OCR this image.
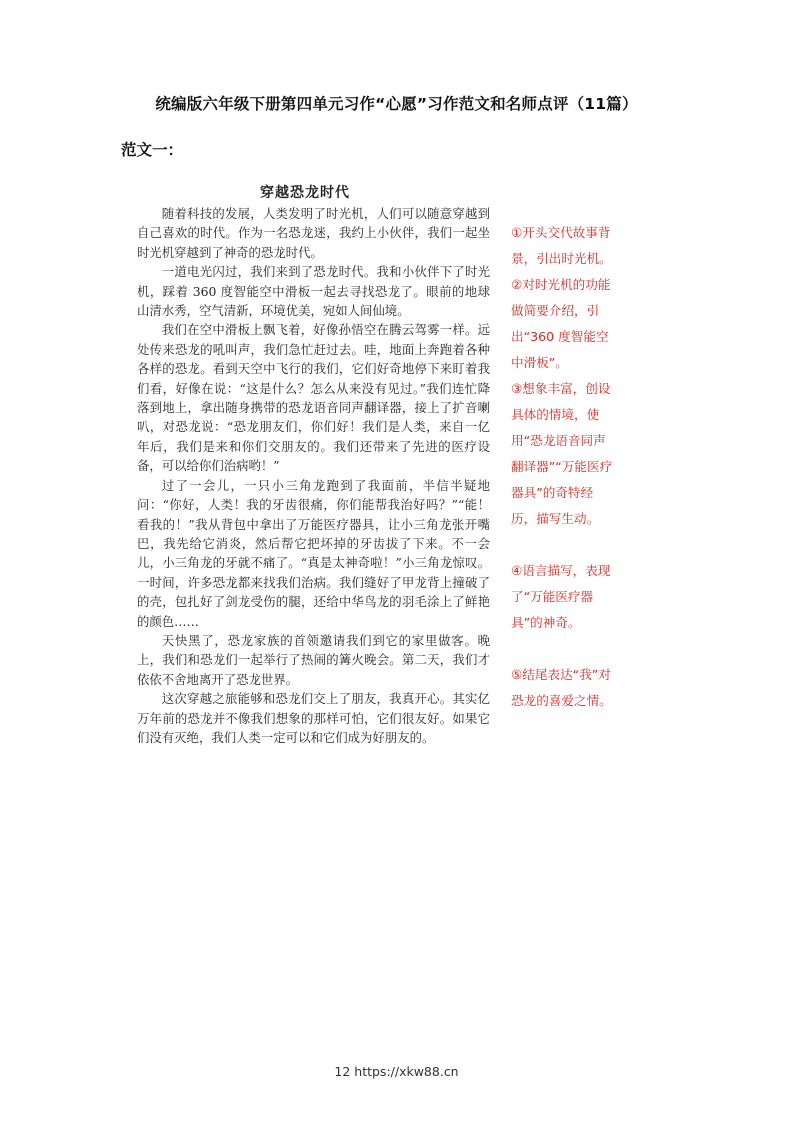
统编版六年级下册第四单元习作“心愿”习作范文和名师点评（11篇）
范文一：
穿越恐龙时代

随着科技的发展，人类发明了时光机，人们可以随意穿越到自己喜欢的时代。作为一名恐龙迷，我约上小伙伴，我们一起坐时光机穿越到了神奇的恐龙时代。

一道电光闪过，我们来到了恐龙时代。我和小伙伴下了时光机，踩着 360 度智能空中滑板一起去寻找恐龙了。眼前的地球山清水秀，空气清新，环境优美，宛如人间仙境。

我们在空中滑板上飘飞着，好像孙悟空在腾云驾雾一样。远处传来恐龙的吼叫声，我们急忙赶过去。哇，地面上奔跑着各种各样的恐龙。看到天空中飞行的我们，它们好奇地停下来盯着我们看，好像在说：“这是什么？怎么从来没有见过。”我们连忙降落到地上，拿出随身携带的恐龙语音同声翻译器，接上了扩音喇叭，对恐龙说：“恐龙朋友们，你们好！我们是人类，来自一亿年后，我们是来和你们交朋友的。我们还带来了先进的医疗设备，可以给你们治病哟！”

过了一会儿，一只小三角龙跑到了我面前，半信半疑地问：“你好，人类！我的牙齿很痛，你们能帮我治好吗？”“能！看我的！”我从背包中拿出了万能医疗器具，让小三角龙张开嘴巴，我先给它消炎，然后帮它把坏掉的牙齿拔了下来。不一会儿，小三角龙的牙就不痛了。“真是太神奇啦！”小三角龙惊叹。一时间，许多恐龙都来找我们治病。我们缝好了甲龙背上撞破了的壳，包扎好了剑龙受伤的腿，还给中华鸟龙的羽毛涂上了鲜艳的颜色……

天快黑了，恐龙家族的首领邀请我们到它的家里做客。晚上，我们和恐龙们一起举行了热闹的篝火晚会。第二天，我们才依依不舍地离开了恐龙世界。

这次穿越之旅能够和恐龙们交上了朋友，我真开心。其实亿万年前的恐龙并不像我们想象的那样可怕，它们很友好。如果它们没有灭绝，我们人类一定可以和它们成为好朋友的。

①开头交代故事背景，引出时光机。

②对时光机的功能做简要介绍，引出“360 度智能空中滑板”。

③想象丰富，创设具体的情境，使用“恐龙语音同声翻译器”“万能医疗器具”的奇特经历，描写生动。

④语言描写，表现了“万能医疗器具”的神奇。

⑤结尾表达“我”对恐龙的喜爱之情。

12 https://xkw88.cn
